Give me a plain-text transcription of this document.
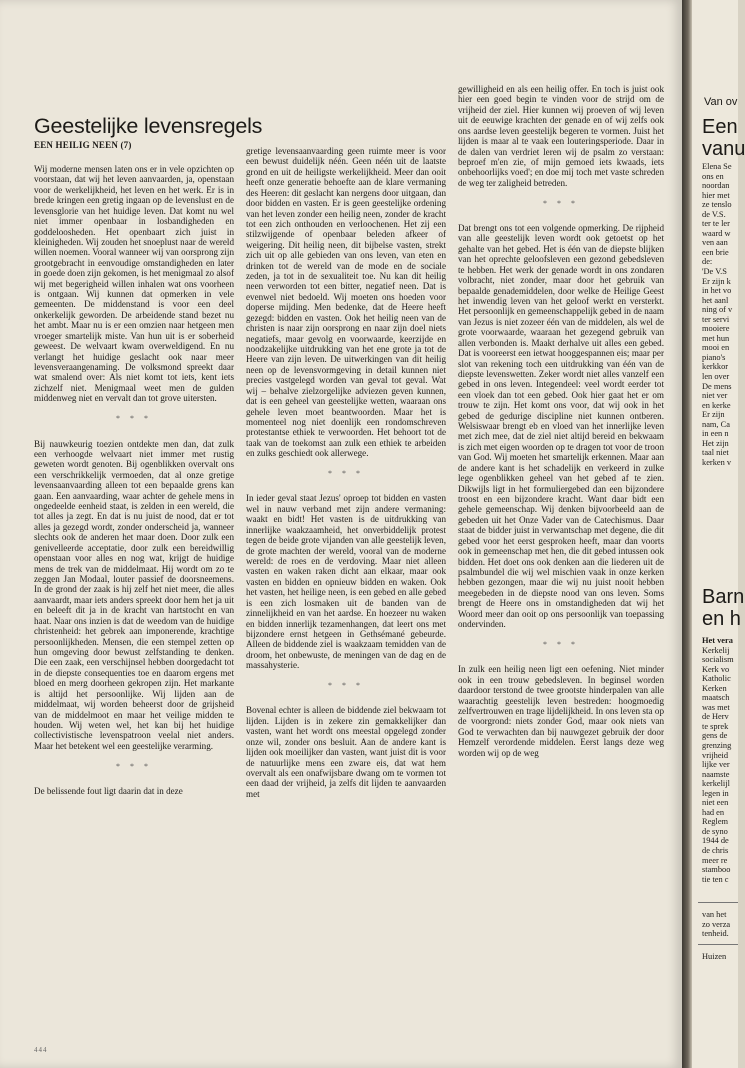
Geestelijke levensregels
EEN HEILIG NEEN (7)

Wij moderne mensen laten ons er in vele opzichten op voorstaan, dat wij het leven aanvaarden, ja, openstaan voor de werkelijkheid, het leven en het werk. Er is in brede kringen een gretig ingaan op de levenslust en de levensglorie van het huidige leven. Dat komt nu wel niet immer openbaar in losbandigheden en goddeloosheden. Het openbaart zich juist in kleinigheden. Wij zouden het snoeplust naar de wereld willen noemen. Vooral wanneer wij van oorsprong zijn grootgebracht in eenvoudige omstandigheden en later in goede doen zijn gekomen, is het menigmaal zo alsof wij met begerigheid willen inhalen wat ons voorheen is ontgaan. Wij kunnen dat opmerken in vele gemeenten. De middenstand is voor een deel onkerkelijk geworden. De arbeidende stand bezet nu het ambt. Maar nu is er een omzien naar hetgeen men vroeger smartelijk miste. Van hun uit is er soberheid geweest. De welvaart kwam overweldigend. En nu verlangt het huidige geslacht ook naar meer levensveraangenaming. De volksmond spreekt daar wat smalend over: Als niet komt tot iets, kent iets zichzelf niet. Menigmaal weet men de gulden middenweg niet en vervalt dan tot grove uitersten.

* * *

Bij nauwkeurig toezien ontdekte men dan, dat zulk een verhoogde welvaart niet immer met rustig geweten wordt genoten. Bij ogenblikken overvalt ons een verschrikkelijk vermoeden, dat al onze gretige levensaanvaarding alleen tot een bepaalde grens kan gaan. Een aanvaarding, waar achter de gehele mens in ongedeelde eenheid staat, is zelden in een wereld, die tot alles ja zegt. En dat is nu juist de nood, dat er tot alles ja gezegd wordt, zonder onderscheid ja, wanneer slechts ook de anderen het maar doen. Door zulk een genivelleerde acceptatie, door zulk een bereidwillig openstaan voor alles en nog wat, krijgt de huidige mens de trek van de middelmaat. Hij wordt om zo te zeggen Jan Modaal, louter passief de doorsneemens. In de grond der zaak is hij zelf het niet meer, die alles aanvaardt, maar iets anders spreekt door hem het ja uit en beleeft dit ja in de kracht van hartstocht en van haat. Naar ons inzien is dat de weedom van de huidige christenheid: het gebrek aan imponerende, krachtige persoonlijkheden. Mensen, die een stempel zetten op hun omgeving door bewust zelfstanding te denken. Die een zaak, een verschijnsel hebben doorgedacht tot in de diepste consequenties toe en daarom ergens met bloed en merg doorheen gekropen zijn. Het markante is altijd het persoonlijke. Wij lijden aan de middelmaat, wij worden beheerst door de grijsheid van de middelmoot en maar het veilige midden te houden. Wij weten wel, het kan bij het huidige collectivistische levenspatroon veelal niet anders. Maar het betekent wel een geestelijke verarming.

* * *

De belissende fout ligt daarin dat in deze

gretige levensaanvaarding geen ruimte meer is voor een bewust duidelijk néén. Geen néén uit de laatste grond en uit de heiligste werkelijkheid. Meer dan ooit heeft onze generatie behoefte aan de klare vermaning des Heeren: dit geslacht kan nergens door uitgaan, dan door bidden en vasten. Er is geen geestelijke ordening van het leven zonder een heilig neen, zonder de kracht tot een zich onthouden en verloochenen. Het zij een stilzwijgende of openbaar beleden afkeer of weigering. Dit heilig neen, dit bijbelse vasten, strekt zich uit op alle gebieden van ons leven, van eten en drinken tot de wereld van de mode en de sociale zeden, ja tot in de sexualiteit toe. Nu kan dit heilig neen verworden tot een bitter, negatief neen. Dat is evenwel niet bedoeld. Wij moeten ons hoeden voor doperse mijding. Men bedenke, dat de Heere heeft gezegd: bidden en vasten. Ook het heilig neen van de christen is naar zijn oorsprong en naar zijn doel niets negatiefs, maar gevolg en voorwaarde, keerzijde en noodzakelijke uitdrukking van het ene grote ja tot de Heere van zijn leven. De uitwerkingen van dit heilig neen op de levensvormgeving in detail kunnen niet precies vastgelegd worden van geval tot geval. Wat wij – behalve zielzorgelijke adviezen geven kunnen, dat is een geheel van geestelijke wetten, waaraan ons gehele leven moet beantwoorden. Maar het is momenteel nog niet doenlijk een rondomschreven protestantse ethiek te verwoorden. Het behoort tot de taak van de toekomst aan zulk een ethiek te arbeiden en zulks geschiedt ook allerwege.

* * *

In ieder geval staat Jezus' oproep tot bidden en vasten wel in nauw verband met zijn andere vermaning: waakt en bidt! Het vasten is de uitdrukking van innerlijke waakzaamheid, het onverbiddelijk protest tegen de beide grote vijanden van alle geestelijk leven, de grote machten der wereld, vooral van de moderne wereld: de roes en de verdoving. Maar niet alleen vasten en waken raken dicht aan elkaar, maar ook vasten en bidden en opnieuw bidden en waken. Ook het vasten, het heilige neen, is een gebed en alle gebed is een zich losmaken uit de banden van de zinnelijkheid en van het aardse. En hoezeer nu waken en bidden innerlijk tezamenhangen, dat leert ons met bijzondere ernst hetgeen in Gethsémané gebeurde. Alleen de biddende ziel is waakzaam temidden van de droom, het onbewuste, de meningen van de dag en de massahysterie.

* * *

Bovenal echter is alleen de biddende ziel bekwaam tot lijden. Lijden is in zekere zin gemakkelijker dan vasten, want het wordt ons meestal opgelegd zonder onze wil, zonder ons besluit. Aan de andere kant is lijden ook moeilijker dan vasten, want juist dit is voor de natuurlijke mens een zware eis, dat wat hem overvalt als een onafwijsbare dwang om te vormen tot een daad der vrijheid, ja zelfs dit lijden te aanvaarden met

gewilligheid en als een heilig offer. En toch is juist ook hier een goed begin te vinden voor de strijd om de vrijheid der ziel. Hier kunnen wij proeven of wij leven uit de eeuwige krachten der genade en of wij zelfs ook ons aardse leven geestelijk begeren te vormen. Juist het lijden is maar al te vaak een louteringsperiode. Daar in de dalen van verdriet leren wij de psalm zo verstaan: beproef m'en zie, of mijn gemoed iets kwaads, iets onbehoorlijks voed'; en doe mij toch met vaste schreden de weg ter zaligheid betreden.

* * *

Dat brengt ons tot een volgende opmerking. De rijpheid van alle geestelijk leven wordt ook getoetst op het gehalte van het gebed. Het is één van de diepste blijken van het oprechte geloofsleven een gezond gebedsleven te hebben. Het werk der genade wordt in ons zondaren volbracht, niet zonder, maar door het gebruik van bepaalde genademiddelen, door welke de Heilige Geest het inwendig leven van het geloof werkt en versterkt. Het persoonlijk en gemeenschappelijk gebed in de naam van Jezus is niet zozeer één van de middelen, als wel de grote voorwaarde, waaraan het gezegend gebruik van allen verbonden is. Maakt derhalve uit alles een gebed. Dat is vooreerst een ietwat hooggespannen eis; maar per slot van rekening toch een uitdrukking van één van de diepste levenswetten. Zeker wordt niet alles vanzelf een gebed in ons leven. Integendeel: veel wordt eerder tot een vloek dan tot een gebed. Ook hier gaat het er om trouw te zijn. Het komt ons voor, dat wij ook in het gebed de gedurige discipline niet kunnen ontberen. Welsiswaar brengt eb en vloed van het innerlijke leven met zich mee, dat de ziel niet altijd bereid en bekwaam is zich met eigen woorden op te dragen tot voor de troon van God. Wij moeten het smartelijk erkennen. Maar aan de andere kant is het schadelijk en verkeerd in zulke lege ogenblikken geheel van het gebed af te zien. Dikwijls ligt in het formuliergebed dan een bijzondere troost en een bijzondere kracht. Want daar bidt een gehele gemeenschap. Wij denken bijvoorbeeld aan de gebeden uit het Onze Vader van de Catechismus. Daar staat de bidder juist in verwantschap met degene, die dit gebed voor het eerst gesproken heeft, maar dan voorts ook in gemeenschap met hen, die dit gebed intussen ook bidden. Het doet ons ook denken aan die liederen uit de psalmbundel die wij wel mischien vaak in onze kerken hebben gezongen, maar die wij nu juist nooit hebben meegebeden in de diepste nood van ons leven. Soms brengt de Heere ons in omstandigheden dat wij het Woord meer dan ooit op ons persoonlijk van toepassing ondervinden.

* * *

In zulk een heilig neen ligt een oefening. Niet minder ook in een trouw gebedsleven. In beginsel worden daardoor terstond de twee grootste hinderpalen van alle waarachtig geestelijk leven bestreden: hoogmoedig zelfvertrouwen en trage lijdelijkheid. In ons leven sta op de voorgrond: niets zonder God, maar ook niets van God te verwachten dan bij nauwgezet gebruik der door Hemzelf verordende middelen. Eerst langs deze weg worden wij op de weg

444
Van ov
Een
vanu
Elena Se
ons en
noordan
hier met
ze tenslo
de V.S.
ter te ler
waard w
ven aan
een brie
de:
'De V.S
Er zijn k
in het vo
het aanl
ning of v
ter servi
mooiere
met hun
mooi en
piano's
kerkkor
len over
De mens
niet ver
en kerke
Er zijn
nam, Ca
in een n
Het zijn
taal niet
kerken v
Barn
en h
Het vera
Kerkelij
socialism
Kerk vo
Katholic
Kerken
maatsch
was met
de Herv
te sprek
gens de
grenzing
vrijheid
lijke ver
naamste
kerkelijl
legen in
niet een
had en
Reglem
de syno
1944 de
de chris
meer re
stamboo
tie ten c
van het
zo verza
tenheid.
Huizen
